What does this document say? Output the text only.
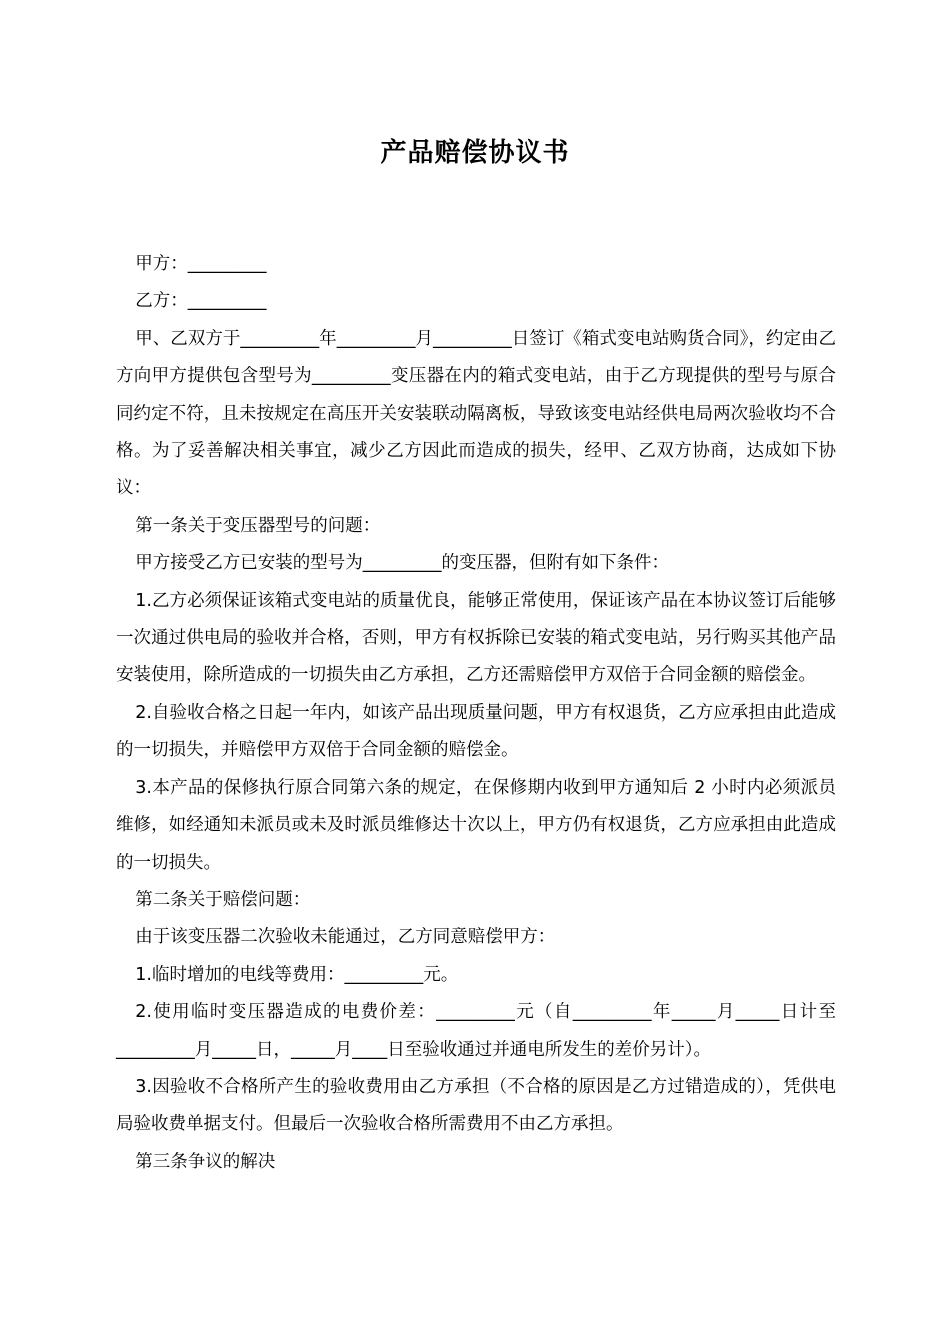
产品赔偿协议书

甲方：_________

乙方：_________

甲、乙双方于_________年_________月_________日签订《箱式变电站购货合同》，约定由乙方向甲方提供包含型号为_________变压器在内的箱式变电站，由于乙方现提供的型号与原合同约定不符，且未按规定在高压开关安装联动隔离板，导致该变电站经供电局两次验收均不合格。为了妥善解决相关事宜，减少乙方因此而造成的损失，经甲、乙双方协商，达成如下协议：

第一条关于变压器型号的问题：

甲方接受乙方已安装的型号为_________的变压器，但附有如下条件：

1.乙方必须保证该箱式变电站的质量优良，能够正常使用，保证该产品在本协议签订后能够一次通过供电局的验收并合格，否则，甲方有权拆除已安装的箱式变电站，另行购买其他产品安装使用，除所造成的一切损失由乙方承担，乙方还需赔偿甲方双倍于合同金额的赔偿金。

2.自验收合格之日起一年内，如该产品出现质量问题，甲方有权退货，乙方应承担由此造成的一切损失，并赔偿甲方双倍于合同金额的赔偿金。

3.本产品的保修执行原合同第六条的规定，在保修期内收到甲方通知后 2 小时内必须派员维修，如经通知未派员或未及时派员维修达十次以上，甲方仍有权退货，乙方应承担由此造成的一切损失。

第二条关于赔偿问题：

由于该变压器二次验收未能通过，乙方同意赔偿甲方：

1.临时增加的电线等费用：_________元。

2.使用临时变压器造成的电费价差：_________元（自_________年_____月_____日计至_________月_____日，_____月____日至验收通过并通电所发生的差价另计）。

3.因验收不合格所产生的验收费用由乙方承担（不合格的原因是乙方过错造成的），凭供电局验收费单据支付。但最后一次验收合格所需费用不由乙方承担。

第三条争议的解决
